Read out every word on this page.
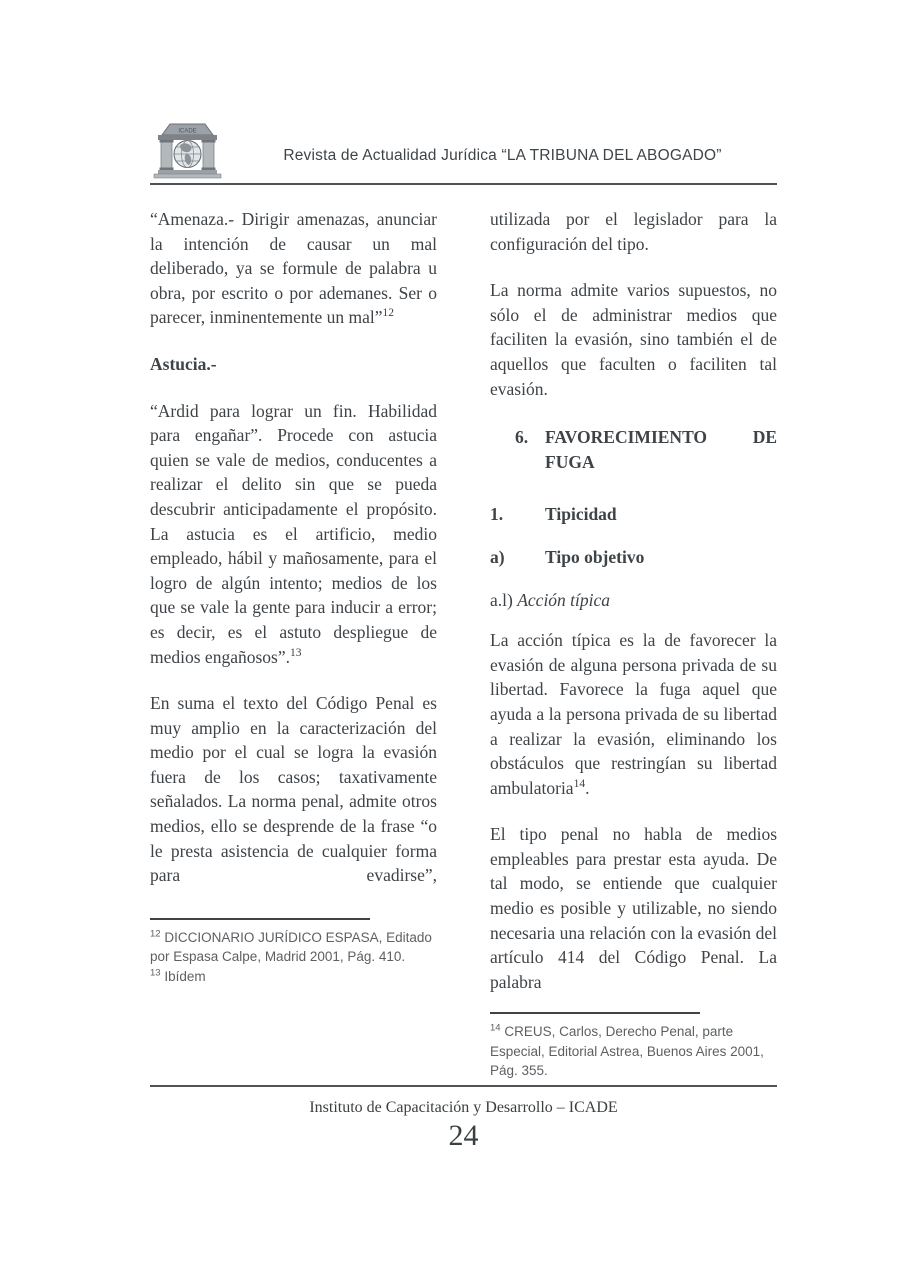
ICADE
Revista de Actualidad Jurídica “LA TRIBUNA DEL ABOGADO”

“Amenaza.- Dirigir amenazas, anunciar la intención de causar un mal deliberado, ya se formule de palabra u obra, por escrito o por ademanes. Ser o parecer, inminentemente un mal”$^{12}$

Astucia.-

“Ardid para lograr un fin. Habilidad para engañar”. Procede con astucia quien se vale de medios, conducentes a realizar el delito sin que se pueda descubrir anticipadamente el propósito. La astucia es el artificio, medio empleado, hábil y mañosamente, para el logro de algún intento; medios de los que se vale la gente para inducir a error; es decir, es el astuto despliegue de medios engañosos”.$^{13}$

En suma el texto del Código Penal es muy amplio en la caracterización del medio por el cual se logra la evasión fuera de los casos; taxativamente señalados. La norma penal, admite otros medios, ello se desprende de la frase “o le presta asistencia de cualquier forma para evadirse”,

$^{12}$ DICCIONARIO JURÍDICO ESPASA, Editado por Espasa Calpe, Madrid 2001, Pág. 410.

$^{13}$ Ibídem

utilizada por el legislador para la configuración del tipo.

La norma admite varios supuestos, no sólo el de administrar medios que faciliten la evasión, sino también el de aquellos que faculten o faciliten tal evasión.

6. FAVORECIMIENTO	DE
FUGA
1. Tipicidad
a) Tipo objetivo
a.l) Acción típica

La acción típica es la de favorecer la evasión de alguna persona privada de su libertad. Favorece la fuga aquel que ayuda a la persona privada de su libertad a realizar la evasión, eliminando los obstáculos que restringían su libertad ambulatoria$^{14}$.

El tipo penal no habla de medios empleables para prestar esta ayuda. De tal modo, se entiende que cualquier medio es posible y utilizable, no siendo necesaria una relación con la evasión del artículo 414 del Código Penal. La palabra

$^{14}$ CREUS, Carlos, Derecho Penal, parte Especial, Editorial Astrea, Buenos Aires 2001, Pág. 355.

Instituto de Capacitación y Desarrollo – ICADE
24
